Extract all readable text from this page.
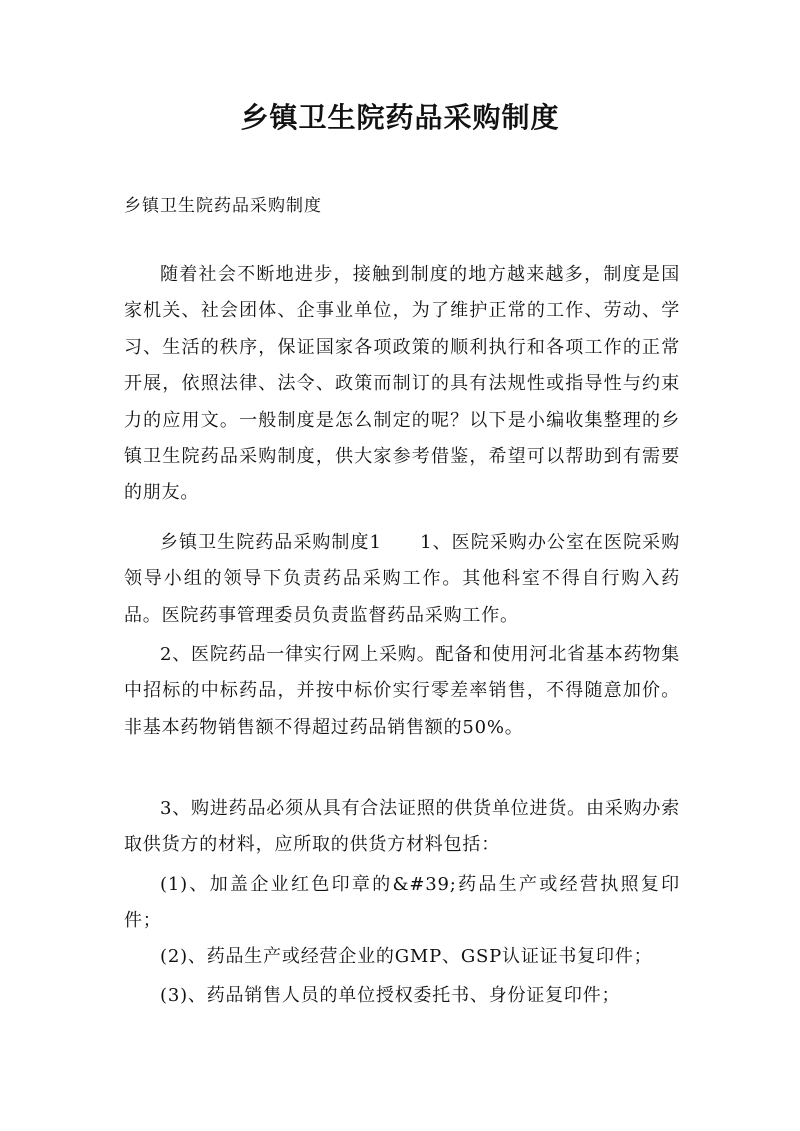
乡镇卫生院药品采购制度

乡镇卫生院药品采购制度

随着社会不断地进步，接触到制度的地方越来越多，制度是国家机关、社会团体、企事业单位，为了维护正常的工作、劳动、学习、生活的秩序，保证国家各项政策的顺利执行和各项工作的正常开展，依照法律、法令、政策而制订的具有法规性或指导性与约束力的应用文。一般制度是怎么制定的呢？以下是小编收集整理的乡镇卫生院药品采购制度，供大家参考借鉴，希望可以帮助到有需要的朋友。

乡镇卫生院药品采购制度1　　1、医院采购办公室在医院采购领导小组的领导下负责药品采购工作。其他科室不得自行购入药品。医院药事管理委员负责监督药品采购工作。

2、医院药品一律实行网上采购。配备和使用河北省基本药物集中招标的中标药品，并按中标价实行零差率销售，不得随意加价。非基本药物销售额不得超过药品销售额的50%。

3、购进药品必须从具有合法证照的供货单位进货。由采购办索取供货方的材料，应所取的供货方材料包括：

(1)、加盖企业红色印章的&#39;药品生产或经营执照复印件；

(2)、药品生产或经营企业的GMP、GSP认证证书复印件；

(3)、药品销售人员的单位授权委托书、身份证复印件；
